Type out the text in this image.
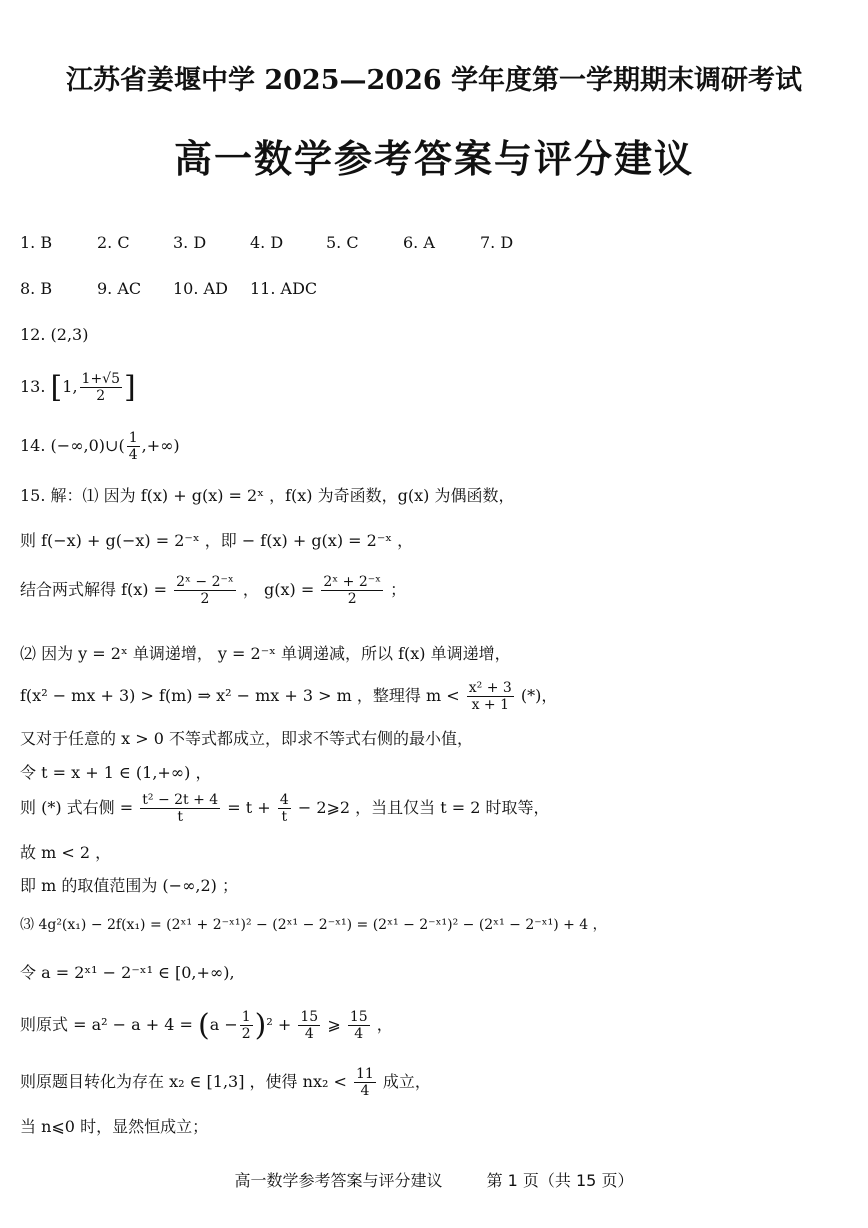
江苏省姜堰中学 2025—2026 学年度第一学期期末调研考试
高一数学参考答案与评分建议
1. B	2. C	3. D	4. D	5. C	6. A	7. D
8. B	9. AC 10. AD 11. ADC
12. (2,3)
13. [1, $\frac{1+√5}{2}$ ]
14. (−∞,0)∪( $\frac{1}{4}$ ,+∞)
15. 解：⑴ 因为 f(x) + g(x) = 2ˣ ，f(x) 为奇函数，g(x) 为偶函数，
则 f(−x) + g(−x) = 2⁻ˣ ，即 − f(x) + g(x) = 2⁻ˣ ，
结合两式解得 $f(x) = \frac{\text{2ˣ − 2⁻ˣ}}{2}$ ， $g(x) = \frac{\text{2ˣ + 2⁻ˣ}}{2}$ ；
⑵ 因为 y = 2ˣ 单调递增， y = 2⁻ˣ 单调递减，所以 f(x) 单调递增，
f(x² − mx + 3) > f(m) ⇒ x² − mx + 3 > m ，整理得 $m < \frac{\text{x² + 3}}{x + 1}$ (*)，
又对于任意的 x > 0 不等式都成立，即求不等式右侧的最小值，
令 t = x + 1 ∈ (1,+∞) ，
则 (*) 式右侧 = $\frac{\text{t² − 2t + 4}}{t} = t + \frac{4}{t}$ − 2⩾2 ，当且仅当 t = 2 时取等，
故 m < 2 ，
即 m 的取值范围为 (−∞,2) ；
⑶ 4g²(x₁) − 2f(x₁) = (2ˣ¹ + 2⁻ˣ¹)² − (2ˣ¹ − 2⁻ˣ¹) = (2ˣ¹ − 2⁻ˣ¹)² − (2ˣ¹ − 2⁻ˣ¹) + 4 ，
令 a = 2ˣ¹ − 2⁻ˣ¹ ∈ [0,+∞),
则原式 = $a^2 - a + 4 = (a - \frac{1}{2} )^2 + \frac{15}{4}$ ⩾ $\frac{15}{4}$ ，
则原题目转化为存在 x₂ ∈ [1,3] ，使得 $nx_2 < \frac{11}{4}$ 成立，
当 n⩽0 时，显然恒成立；
高一数学参考答案与评分建议	第 1 页（共 15 页）
